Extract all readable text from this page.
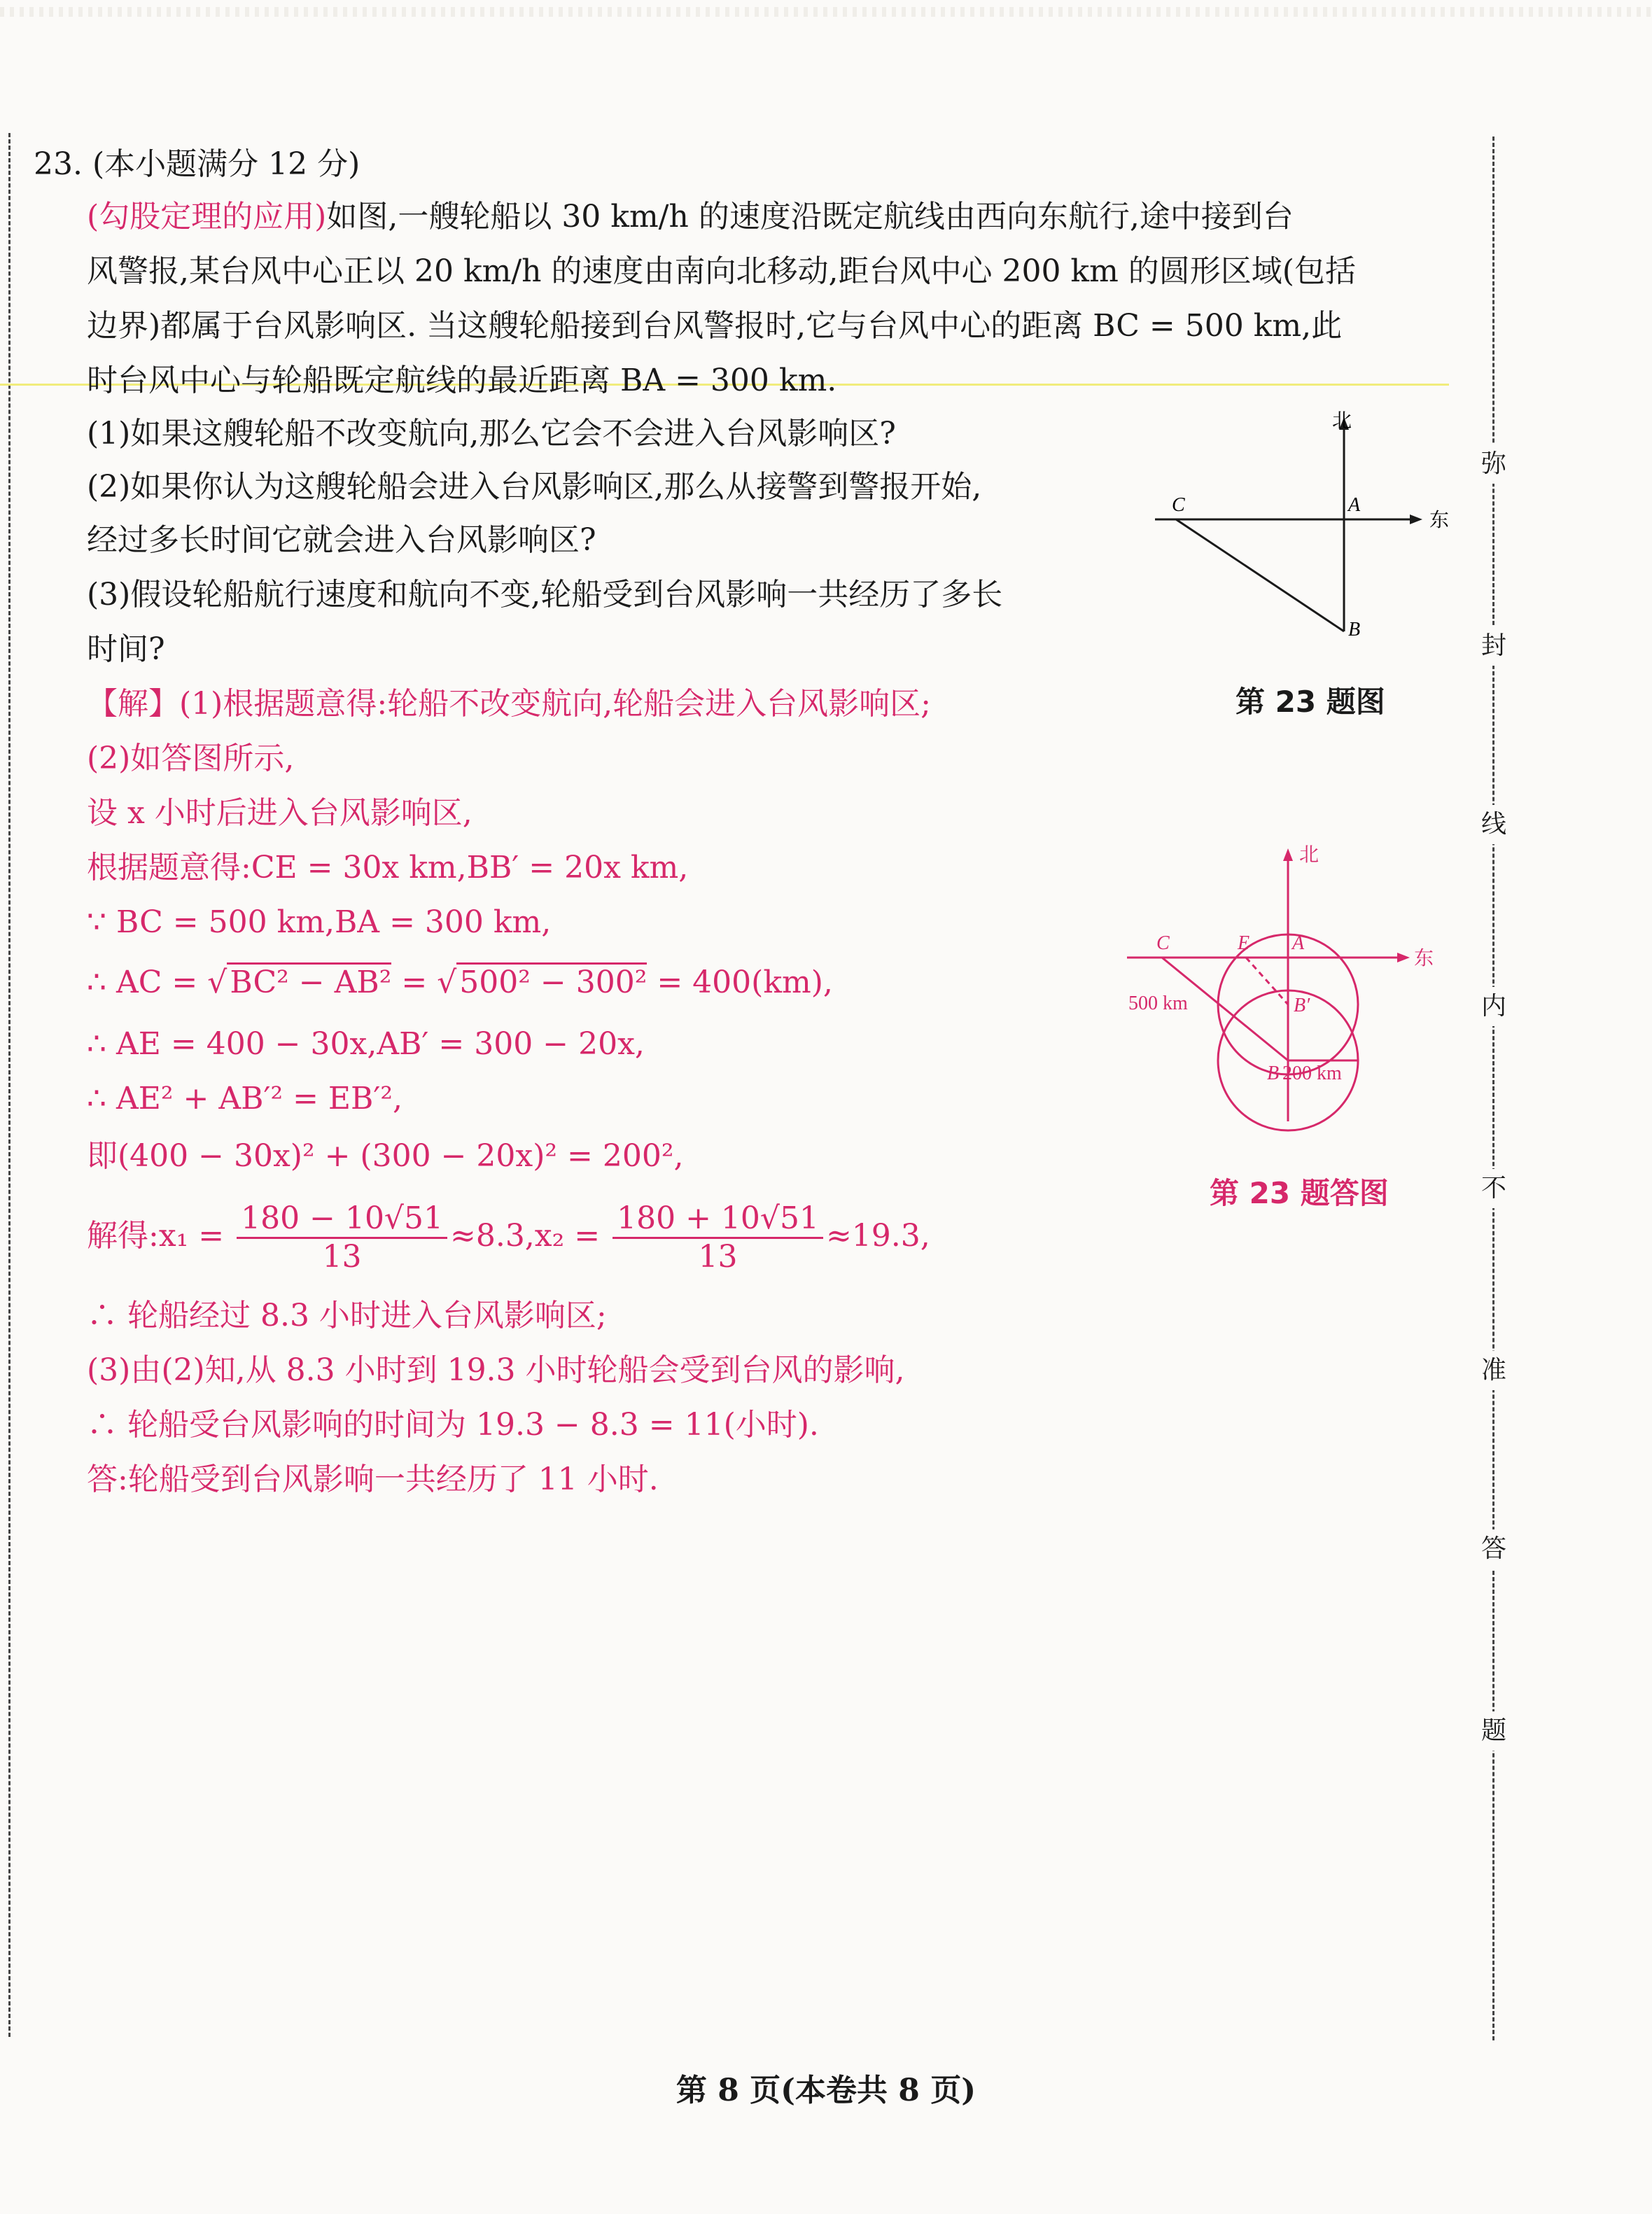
23. (本小题满分 12 分)
(勾股定理的应用)如图,一艘轮船以 30 km/h 的速度沿既定航线由西向东航行,途中接到台
风警报,某台风中心正以 20 km/h 的速度由南向北移动,距台风中心 200 km 的圆形区域(包括
边界)都属于台风影响区. 当这艘轮船接到台风警报时,它与台风中心的距离 BC = 500 km,此
时台风中心与轮船既定航线的最近距离 BA = 300 km.
(1)如果这艘轮船不改变航向,那么它会不会进入台风影响区?
(2)如果你认为这艘轮船会进入台风影响区,那么从接警到警报开始,
经过多长时间它就会进入台风影响区?
(3)假设轮船航行速度和航向不变,轮船受到台风影响一共经历了多长
时间?
【解】(1)根据题意得:轮船不改变航向,轮船会进入台风影响区;
(2)如答图所示,
设 x 小时后进入台风影响区,
根据题意得:CE = 30x km,BB′ = 20x km,
∵ BC = 500 km,BA = 300 km,
∴ AC = √BC² − AB² = √500² − 300² = 400(km),
∴ AE = 400 − 30x,AB′ = 300 − 20x,
∴ AE² + AB′² = EB′²,
即(400 − 30x)² + (300 − 20x)² = 200²,
解得:x₁ = $\frac{180 - 10√51}{13} \approx 8.3,x_2 = \frac{180 + 10√51}{13} \approx 19.3$,
∴ 轮船经过 8.3 小时进入台风影响区;
(3)由(2)知,从 8.3 小时到 19.3 小时轮船会受到台风的影响,
∴ 轮船受台风影响的时间为 19.3 − 8.3 = 11(小时).
答:轮船受到台风影响一共经历了 11 小时.
北
东
C	A
B
第 23 题图
北
东
C	E A
B′
B
500 km
200 km
第 23 题答图
弥
封
线
内
不
准
答
题
第 8 页(本卷共 8 页)
